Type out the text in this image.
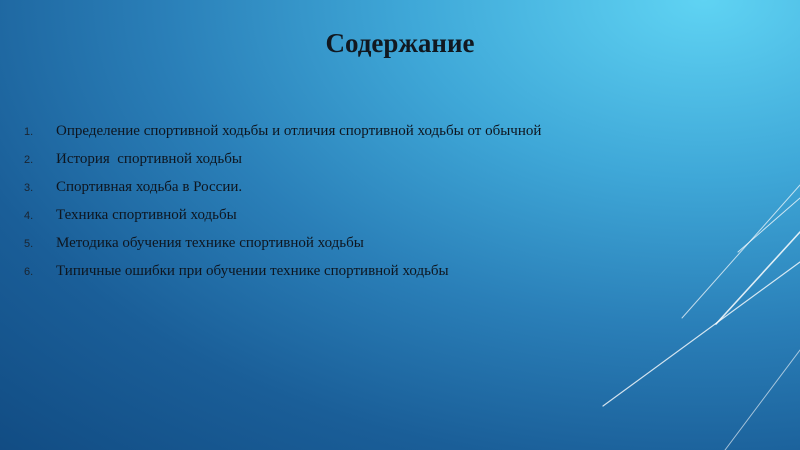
Содержание
1.	Определение спортивной ходьбы и отличия спортивной ходьбы от обычной
2.	История  спортивной ходьбы
3.	Спортивная ходьба в России.
4.	Техника спортивной ходьбы
5.	Методика обучения технике спортивной ходьбы
6.	Типичные ошибки при обучении технике спортивной ходьбы
